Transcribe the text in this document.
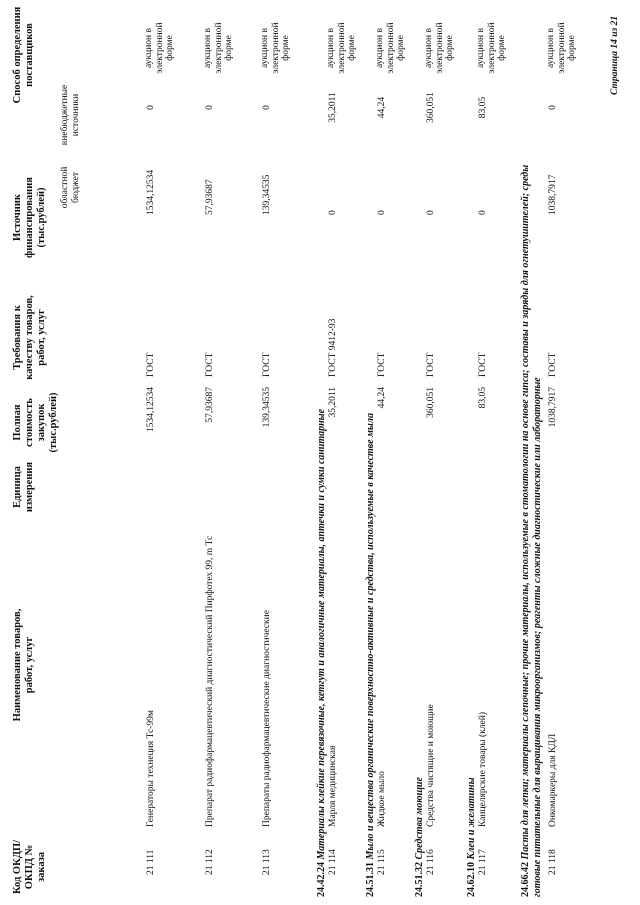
Код ОКДП/ ОКПД № заказа
Наименование товаров, работ, услуг
Единица измерения
Полная стоимость закупок (тыс.рублей)
Требования к качеству товаров, работ, услуг
Источник финансирования (тыс.рублей) областной бюджет
внебюджетные источники
Способ определения поставщиков
21 111
Генераторы технеция Тс-99м
1534,12534
ГОСТ
1534,12534
0
аукцион в электронной форме
21 112
Препарат радиофармацевтический диагностический Пирфотех 99, m Тс
57,93687
ГОСТ
57,93687
0
аукцион в электронной форме
21 113
Препараты радиофармацевтические диагностические
139,34535
ГОСТ
139,34535
0
аукцион в электронной форме
24.42.24 Материалы клейкие перевязочные, кетгут и аналогичные материалы, аптечки и сумки санитарные
21 114
Марля медицинская
35,2011
ГОСТ 9412-93
0
35,2011
аукцион в электронной форме
24.51.31 Мыло и вещества органические поверхностно-активные и средства, используемые в качестве мыла
21 115
Жидкое мыло
44,24
ГОСТ
0
44,24
аукцион в электронной форме
24.51.32 Средства моющие
21 116
Средства чистящие и моющие
360,051
ГОСТ
0
360,051
аукцион в электронной форме
24.62.10 Клеи и желатины
21 117
Канцелярские товары (клей)
83,05
ГОСТ
0
83,05
аукцион в электронной форме
24.66.42 Пасты для лепки; материалы слепочные; прочие материалы, используемые в стоматологии на основе гипса; составы и заряды для огнетушителей; среды готовые питательные для выращивания микроорганизмов; реагенты сложные диагностические или лабораторные 21 118
Онкомаркеры для КДЛ
1038,7917
ГОСТ
1038,7917
0
аукцион в электронной форме	Страница 14 из 21
